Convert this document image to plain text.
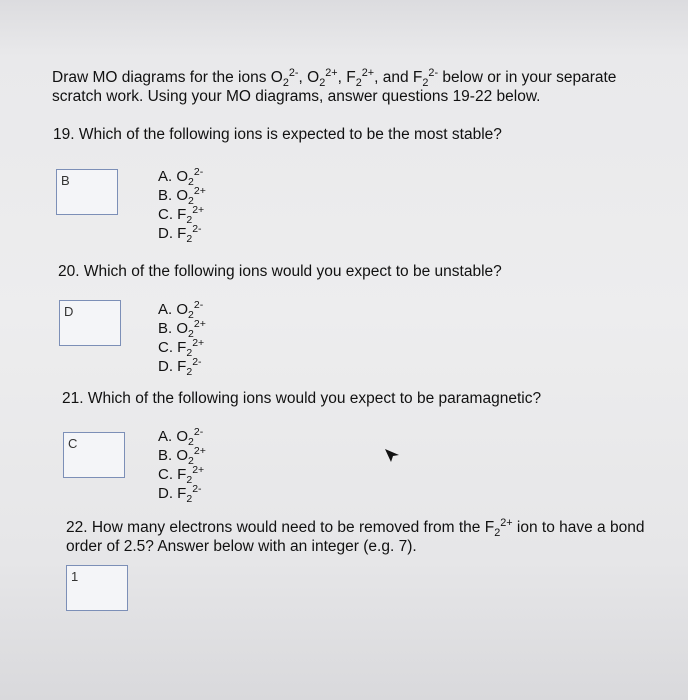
Draw MO diagrams for the ions $O_2^{2-}$, $O_2^{2+}$, $F_2^{2+}$, and $F_2^{2-}$ below or in your separate
scratch work. Using your MO diagrams, answer questions 19-22 below.
19. Which of the following ions is expected to be the most stable?
B	A. $O_2^{2-}$
B. $O_2^{2+}$
C. $F_2^{2+}$
D. $F_2^{2-}$
20. Which of the following ions would you expect to be unstable?
D	A. $O_2^{2-}$
B. $O_2^{2+}$
C. $F_2^{2+}$
D. $F_2^{2-}$
21. Which of the following ions would you expect to be paramagnetic?
C	A. $O_2^{2-}$
B. $O_2^{2+}$
C. $F_2^{2+}$
D. $F_2^{2-}$
22. How many electrons would need to be removed from the $F_2^{2+}$ ion to have a bond
order of 2.5? Answer below with an integer (e.g. 7).
1
